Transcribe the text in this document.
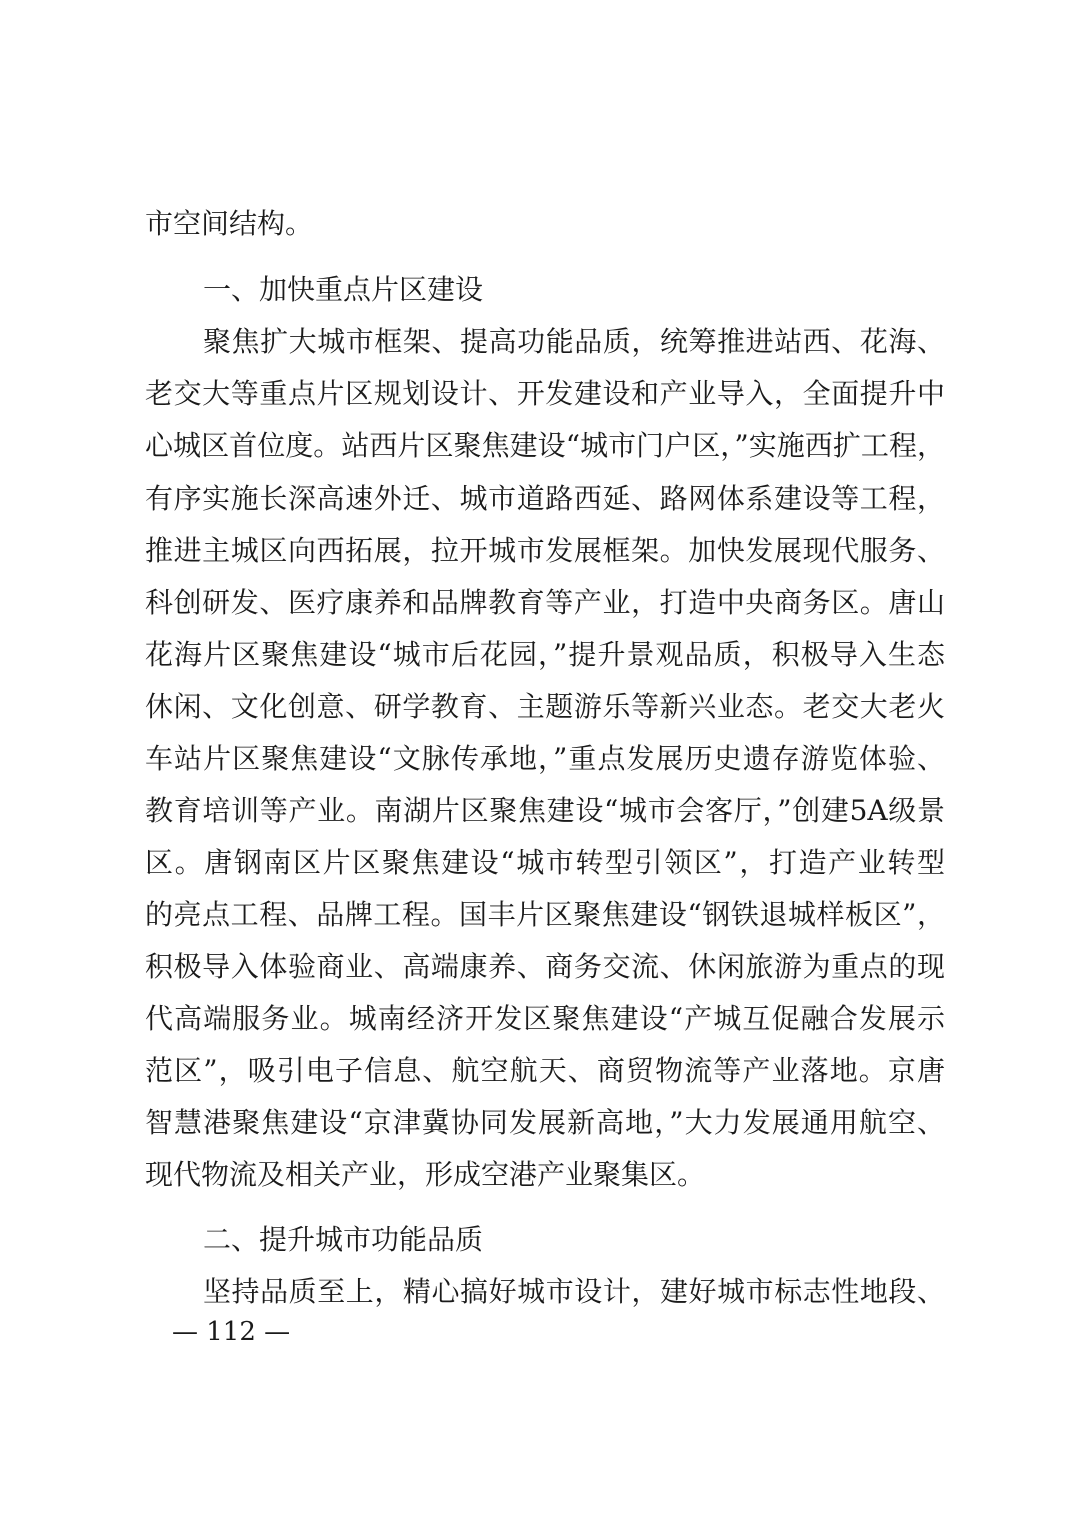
市空间结构。
一、加快重点片区建设
聚焦扩大城市框架、提高功能品质，统筹推进站西、花海、
老交大等重点片区规划设计、开发建设和产业导入，全面提升中
心城区首位度。站西片区聚焦建设“城市门户区，”实施西扩工程，
有序实施长深高速外迁、城市道路西延、路网体系建设等工程，
推进主城区向西拓展，拉开城市发展框架。加快发展现代服务、
科创研发、医疗康养和品牌教育等产业，打造中央商务区。唐山
花海片区聚焦建设“城市后花园，”提升景观品质，积极导入生态
休闲、文化创意、研学教育、主题游乐等新兴业态。老交大老火
车站片区聚焦建设“文脉传承地，”重点发展历史遗存游览体验、
教育培训等产业。南湖片区聚焦建设“城市会客厅，”创建5A级景
区。唐钢南区片区聚焦建设“城市转型引领区”，打造产业转型
的亮点工程、品牌工程。国丰片区聚焦建设“钢铁退城样板区”，
积极导入体验商业、高端康养、商务交流、休闲旅游为重点的现
代高端服务业。城南经济开发区聚焦建设“产城互促融合发展示
范区”，吸引电子信息、航空航天、商贸物流等产业落地。京唐
智慧港聚焦建设“京津冀协同发展新高地，”大力发展通用航空、
现代物流及相关产业，形成空港产业聚集区。
二、提升城市功能品质
坚持品质至上，精心搞好城市设计，建好城市标志性地段、
— 112 —
